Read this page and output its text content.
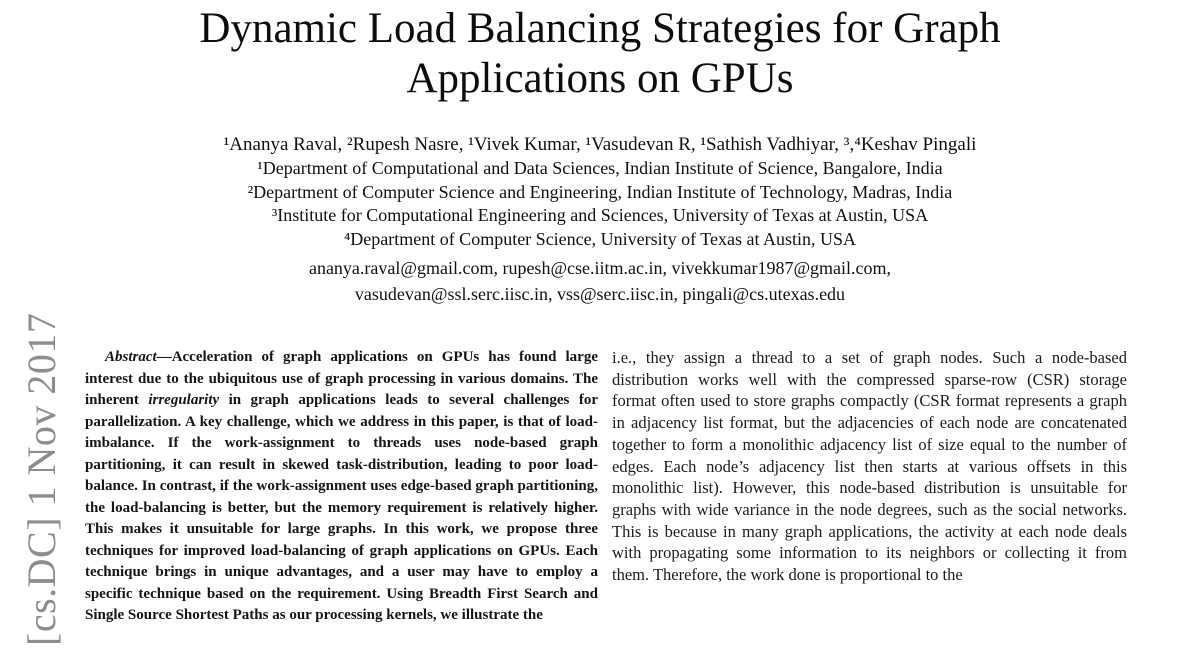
[cs.DC] 1 Nov 2017
Dynamic Load Balancing Strategies for Graph
Applications on GPUs
¹Ananya Raval, ²Rupesh Nasre, ¹Vivek Kumar, ¹Vasudevan R, ¹Sathish Vadhiyar, ³,⁴Keshav Pingali
¹Department of Computational and Data Sciences, Indian Institute of Science, Bangalore, India
²Department of Computer Science and Engineering, Indian Institute of Technology, Madras, India
³Institute for Computational Engineering and Sciences, University of Texas at Austin, USA
⁴Department of Computer Science, University of Texas at Austin, USA
ananya.raval@gmail.com, rupesh@cse.iitm.ac.in, vivekkumar1987@gmail.com,
vasudevan@ssl.serc.iisc.in, vss@serc.iisc.in, pingali@cs.utexas.edu

Abstract—Acceleration of graph applications on GPUs has found large interest due to the ubiquitous use of graph processing in various domains. The inherent irregularity in graph applications leads to several challenges for parallelization. A key challenge, which we address in this paper, is that of load-imbalance. If the work-assignment to threads uses node-based graph partitioning, it can result in skewed task-distribution, leading to poor load-balance. In contrast, if the work-assignment uses edge-based graph partitioning, the load-balancing is better, but the memory requirement is relatively higher. This makes it unsuitable for large graphs. In this work, we propose three techniques for improved load-balancing of graph applications on GPUs. Each technique brings in unique advantages, and a user may have to employ a specific technique based on the requirement. Using Breadth First Search and Single Source Shortest Paths as our processing kernels, we illustrate the

i.e., they assign a thread to a set of graph nodes. Such a node-based distribution works well with the compressed sparse-row (CSR) storage format often used to store graphs compactly (CSR format represents a graph in adjacency list format, but the adjacencies of each node are concatenated together to form a monolithic adjacency list of size equal to the number of edges. Each node’s adjacency list then starts at various offsets in this monolithic list). However, this node-based distribution is unsuitable for graphs with wide variance in the node degrees, such as the social networks. This is because in many graph applications, the activity at each node deals with propagating some information to its neighbors or collecting it from them. Therefore, the work done is proportional to the
